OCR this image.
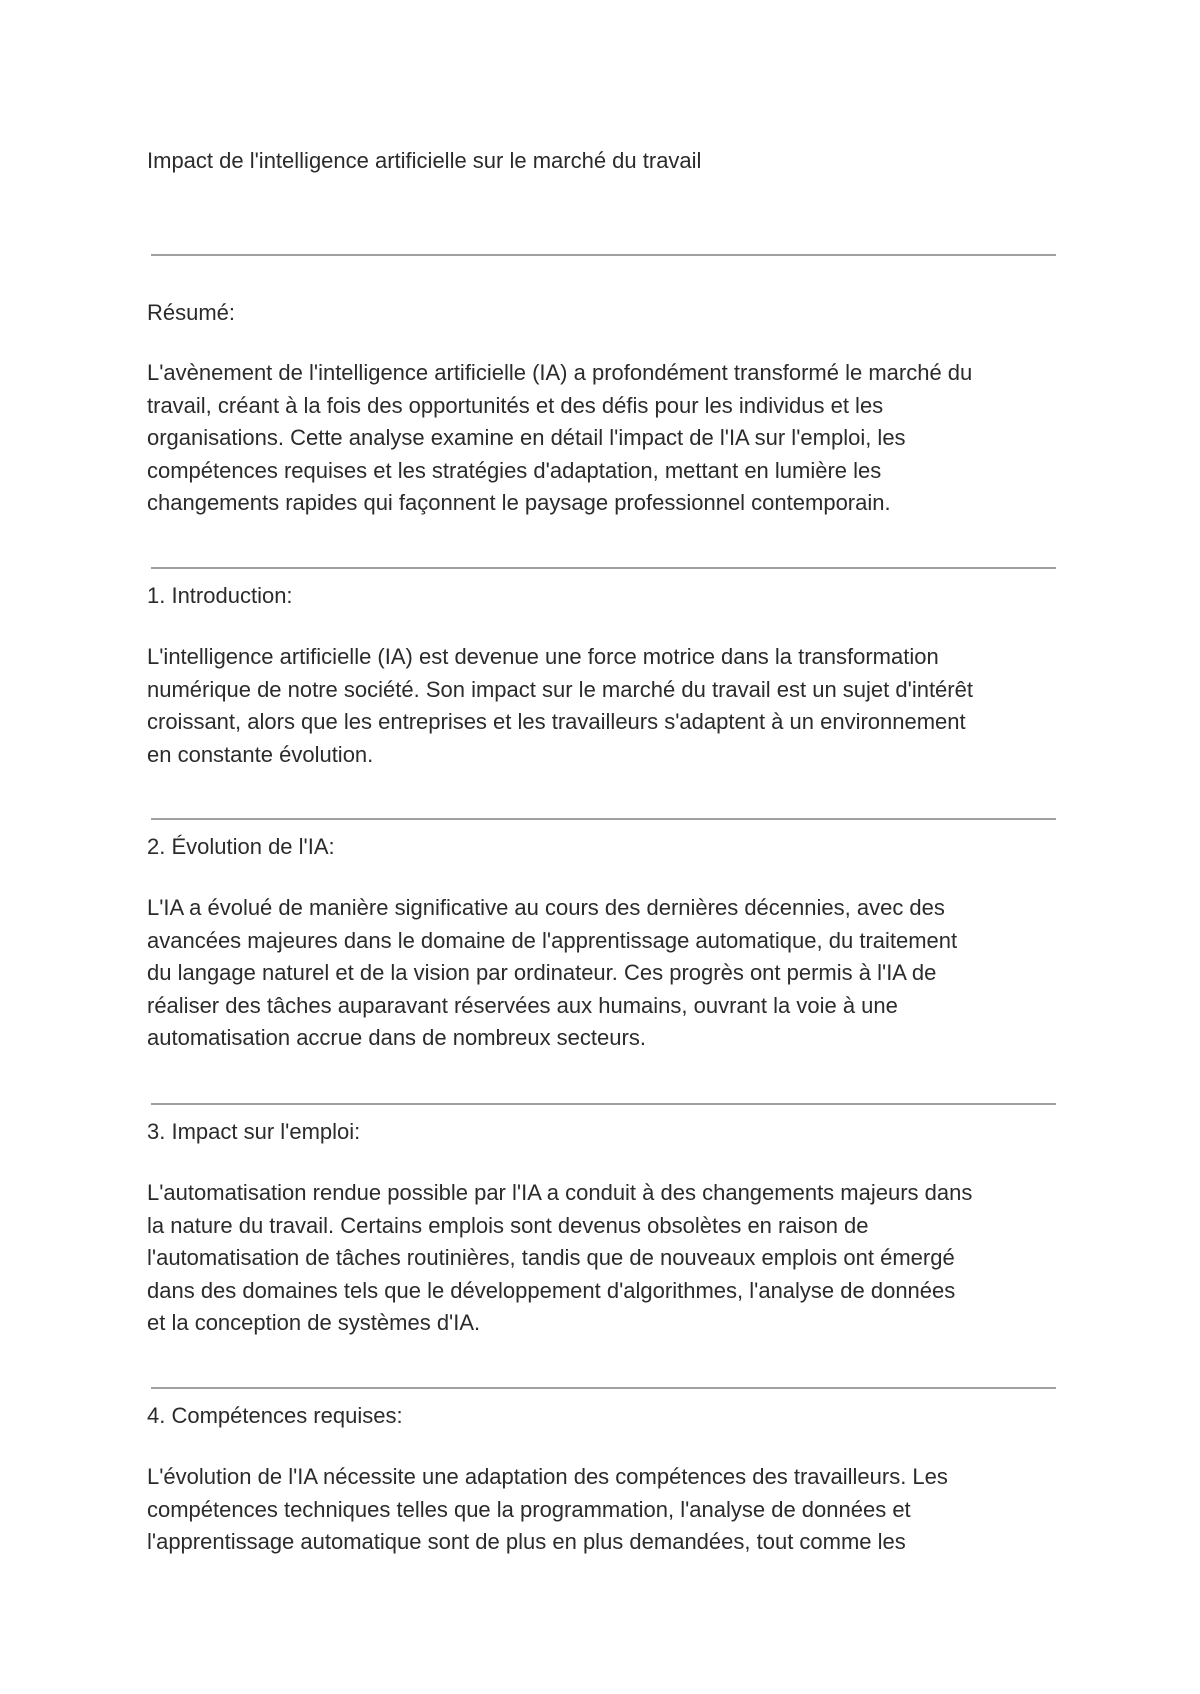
Impact de l'intelligence artificielle sur le marché du travail
Résumé:

L'avènement de l'intelligence artificielle (IA) a profondément transformé le marché du
travail, créant à la fois des opportunités et des défis pour les individus et les
organisations. Cette analyse examine en détail l'impact de l'IA sur l'emploi, les
compétences requises et les stratégies d'adaptation, mettant en lumière les
changements rapides qui façonnent le paysage professionnel contemporain.

1. Introduction:

L'intelligence artificielle (IA) est devenue une force motrice dans la transformation
numérique de notre société. Son impact sur le marché du travail est un sujet d'intérêt
croissant, alors que les entreprises et les travailleurs s'adaptent à un environnement
en constante évolution.

2. Évolution de l'IA:

L'IA a évolué de manière significative au cours des dernières décennies, avec des
avancées majeures dans le domaine de l'apprentissage automatique, du traitement
du langage naturel et de la vision par ordinateur. Ces progrès ont permis à l'IA de
réaliser des tâches auparavant réservées aux humains, ouvrant la voie à une
automatisation accrue dans de nombreux secteurs.

3. Impact sur l'emploi:

L'automatisation rendue possible par l'IA a conduit à des changements majeurs dans
la nature du travail. Certains emplois sont devenus obsolètes en raison de
l'automatisation de tâches routinières, tandis que de nouveaux emplois ont émergé
dans des domaines tels que le développement d'algorithmes, l'analyse de données
et la conception de systèmes d'IA.

4. Compétences requises:

L'évolution de l'IA nécessite une adaptation des compétences des travailleurs. Les
compétences techniques telles que la programmation, l'analyse de données et
l'apprentissage automatique sont de plus en plus demandées, tout comme les
